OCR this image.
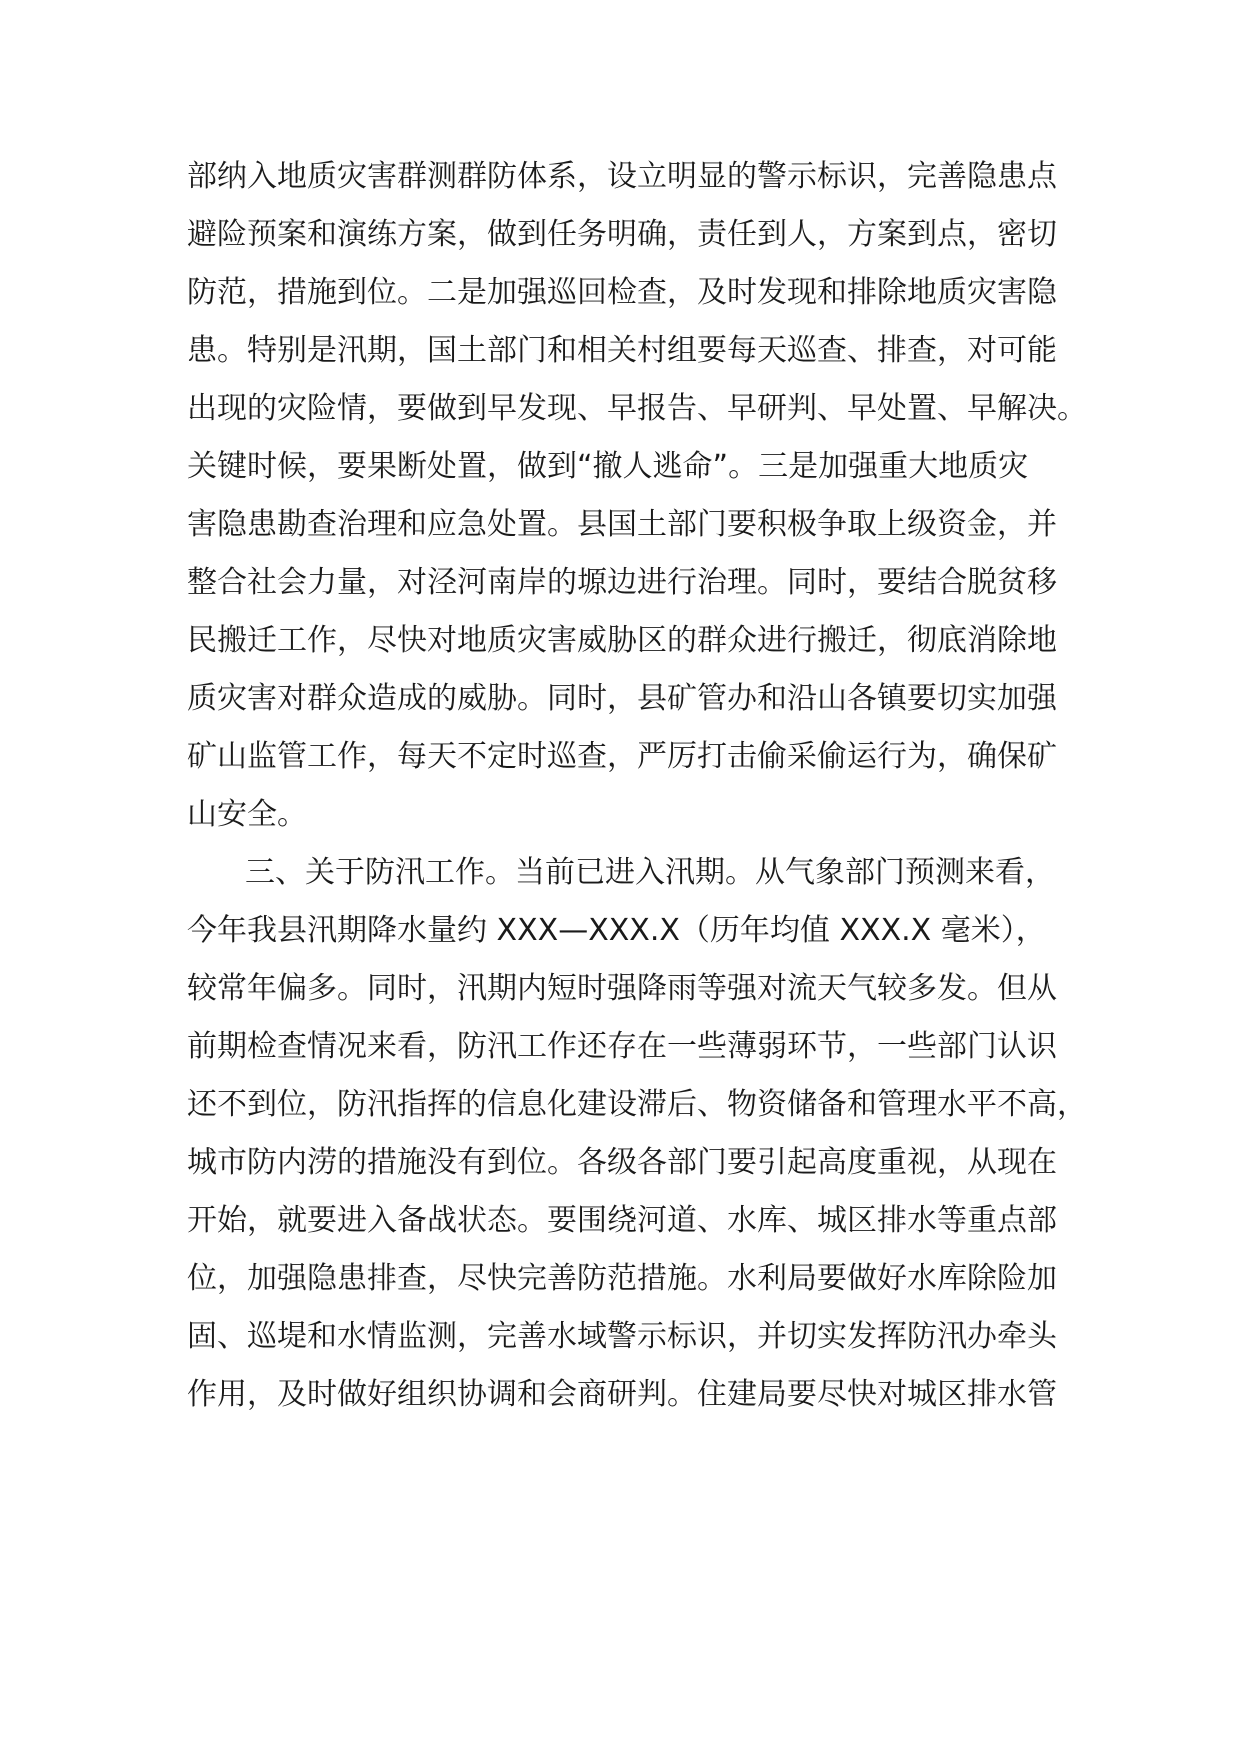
部纳入地质灾害群测群防体系，设立明显的警示标识，完善隐患点
避险预案和演练方案，做到任务明确，责任到人，方案到点，密切
防范，措施到位。二是加强巡回检查，及时发现和排除地质灾害隐
患。特别是汛期，国土部门和相关村组要每天巡查、排查，对可能
出现的灾险情，要做到早发现、早报告、早研判、早处置、早解决。
关键时候，要果断处置，做到“撤人逃命”。三是加强重大地质灾
害隐患勘查治理和应急处置。县国土部门要积极争取上级资金，并
整合社会力量，对泾河南岸的塬边进行治理。同时，要结合脱贫移
民搬迁工作，尽快对地质灾害威胁区的群众进行搬迁，彻底消除地
质灾害对群众造成的威胁。同时，县矿管办和沿山各镇要切实加强
矿山监管工作，每天不定时巡查，严厉打击偷采偷运行为，确保矿
山安全。
三、关于防汛工作。当前已进入汛期。从气象部门预测来看，
今年我县汛期降水量约 XXX—XXX.X（历年均值 XXX.X 毫米），
较常年偏多。同时，汛期内短时强降雨等强对流天气较多发。但从
前期检查情况来看，防汛工作还存在一些薄弱环节，一些部门认识
还不到位，防汛指挥的信息化建设滞后、物资储备和管理水平不高，
城市防内涝的措施没有到位。各级各部门要引起高度重视，从现在
开始，就要进入备战状态。要围绕河道、水库、城区排水等重点部
位，加强隐患排查，尽快完善防范措施。水利局要做好水库除险加
固、巡堤和水情监测，完善水域警示标识，并切实发挥防汛办牵头
作用，及时做好组织协调和会商研判。住建局要尽快对城区排水管
